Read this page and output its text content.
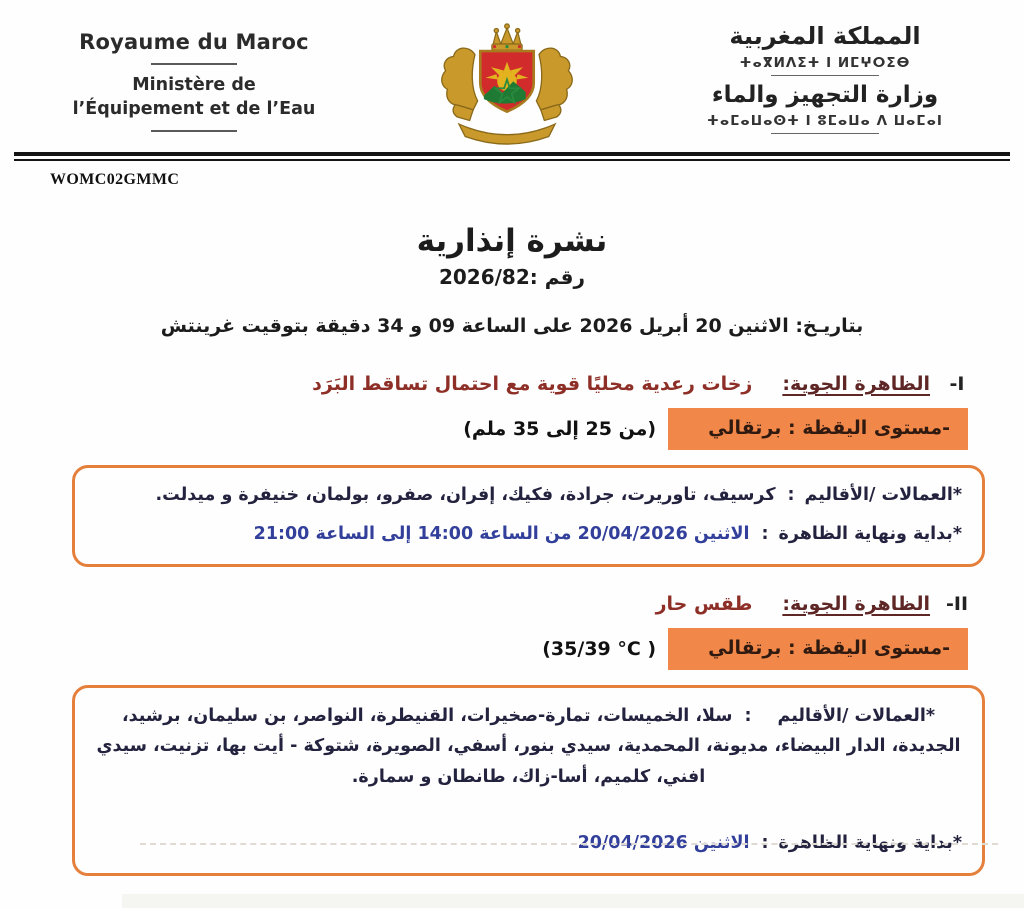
Royaume du Maroc
Ministère de
l’Équipement et de l’Eau
المملكة المغربية
ⵜⴰⴳⵍⴷⵉⵜ ⵏ ⵍⵎⵖⵔⵉⴱ
وزارة التجهيز والماء
ⵜⴰⵎⴰⵡⴰⵙⵜ ⵏ ⵓⵎⴰⵡⴰ ⴷ ⵡⴰⵎⴰⵏ
WOMC02GMMC
نشرة إنذارية
رقم :2026/82
بتاريـخ: الاثنين 20 أبريل 2026 على الساعة 09 و 34 دقيقة بتوقيت غرينتش
-I
الظاهرة الجوية:
زخات رعدية محليًا قوية مع احتمال تساقط البَرَد
-مستوى اليقظة : برتقالي
(من 25 إلى 35 ملم)
*العمالات /الأقاليم
:
كرسيف، تاوريرت، جرادة، فكيك، إفران، صفرو، بولمان، خنيفرة و ميدلت.
*بداية ونهاية الظاهرة
:
الاثنين 20/04/2026 من الساعة 14:00 إلى الساعة 21:00
-II
الظاهرة الجوية:
طقس حار
-مستوى اليقظة : برتقالي
(35/39 °C )

*العمالات /الأقاليم:سلا، الخميسات، تمارة-صخيرات، القنيطرة، النواصر، بن سليمان، برشيد، الجديدة، الدار البيضاء، مديونة، المحمدية، سيدي بنور، أسفي، الصويرة، شتوكة - أيت بها، تزنيت، سيدي افني، كلميم، أسا-زاك، طانطان و سمارة.

*بداية ونهاية الظاهرة
:
الاثنين 20/04/2026
